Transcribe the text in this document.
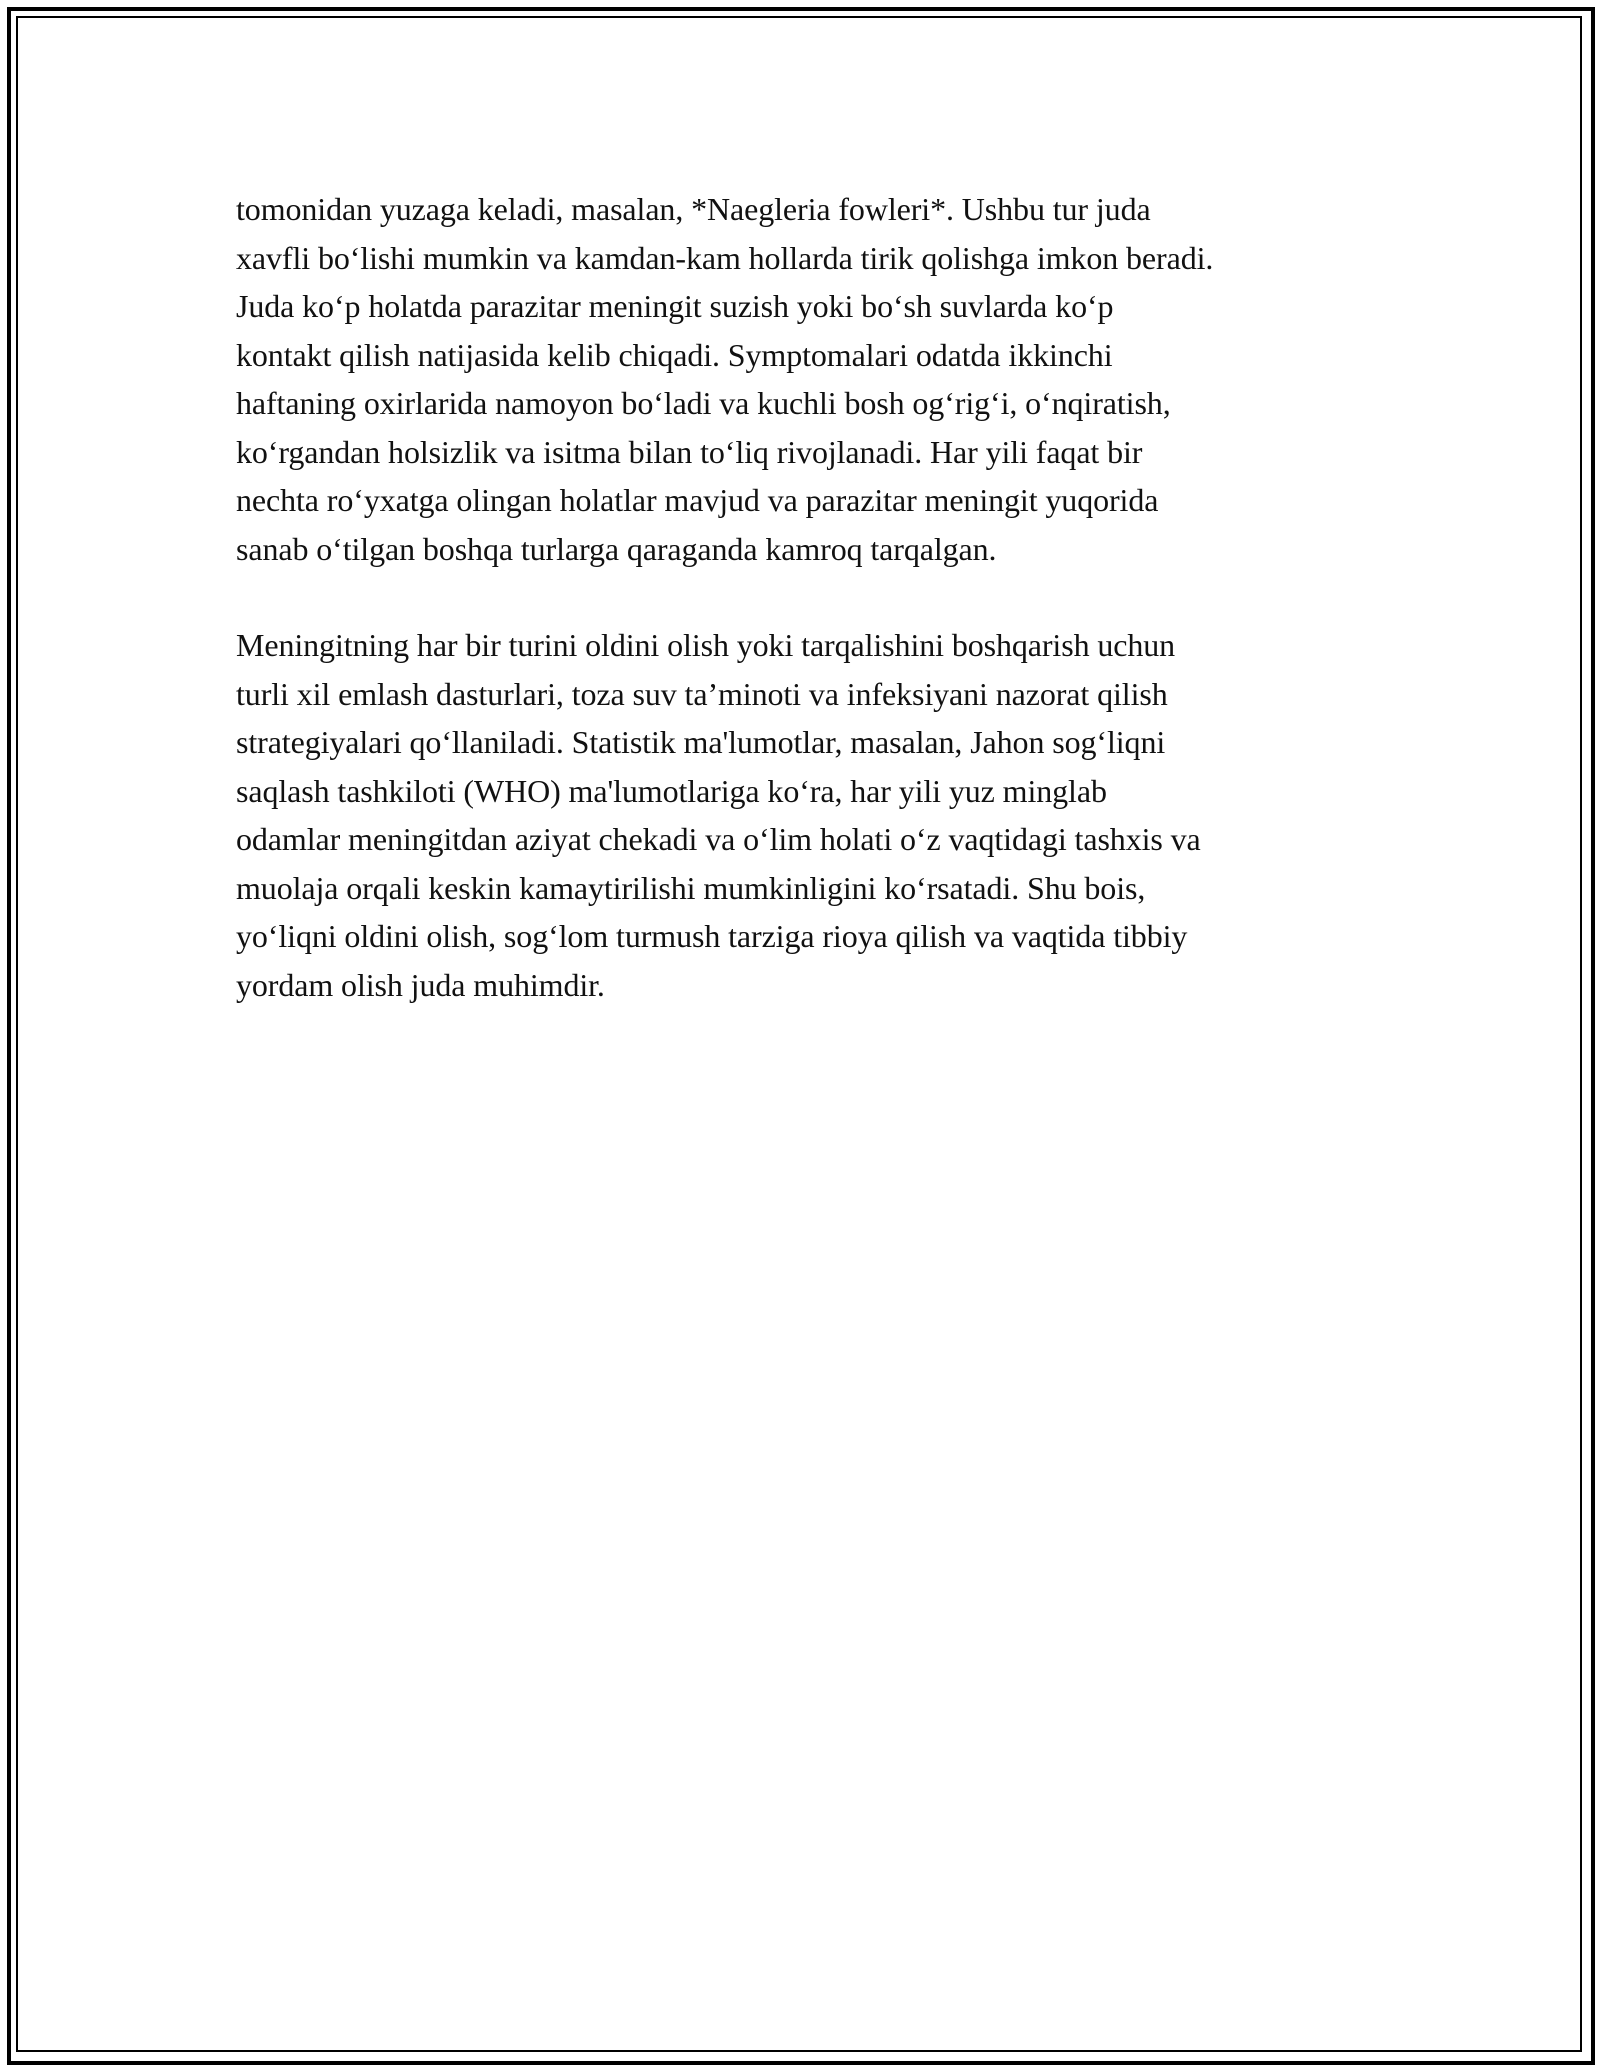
tomonidan yuzaga keladi, masalan, *Naegleria fowleri*. Ushbu tur juda
xavfli bo‘lishi mumkin va kamdan-kam hollarda tirik qolishga imkon beradi.
Juda ko‘p holatda parazitar meningit suzish yoki bo‘sh suvlarda ko‘p
kontakt qilish natijasida kelib chiqadi. Symptomalari odatda ikkinchi
haftaning oxirlarida namoyon bo‘ladi va kuchli bosh og‘rig‘i, o‘nqiratish,
ko‘rgandan holsizlik va isitma bilan to‘liq rivojlanadi. Har yili faqat bir
nechta ro‘yxatga olingan holatlar mavjud va parazitar meningit yuqorida
sanab o‘tilgan boshqa turlarga qaraganda kamroq tarqalgan.

Meningitning har bir turini oldini olish yoki tarqalishini boshqarish uchun
turli xil emlash dasturlari, toza suv ta’minoti va infeksiyani nazorat qilish
strategiyalari qo‘llaniladi. Statistik ma'lumotlar, masalan, Jahon sog‘liqni
saqlash tashkiloti (WHO) ma'lumotlariga ko‘ra, har yili yuz minglab
odamlar meningitdan aziyat chekadi va o‘lim holati o‘z vaqtidagi tashxis va
muolaja orqali keskin kamaytirilishi mumkinligini ko‘rsatadi. Shu bois,
yo‘liqni oldini olish, sog‘lom turmush tarziga rioya qilish va vaqtida tibbiy
yordam olish juda muhimdir.
